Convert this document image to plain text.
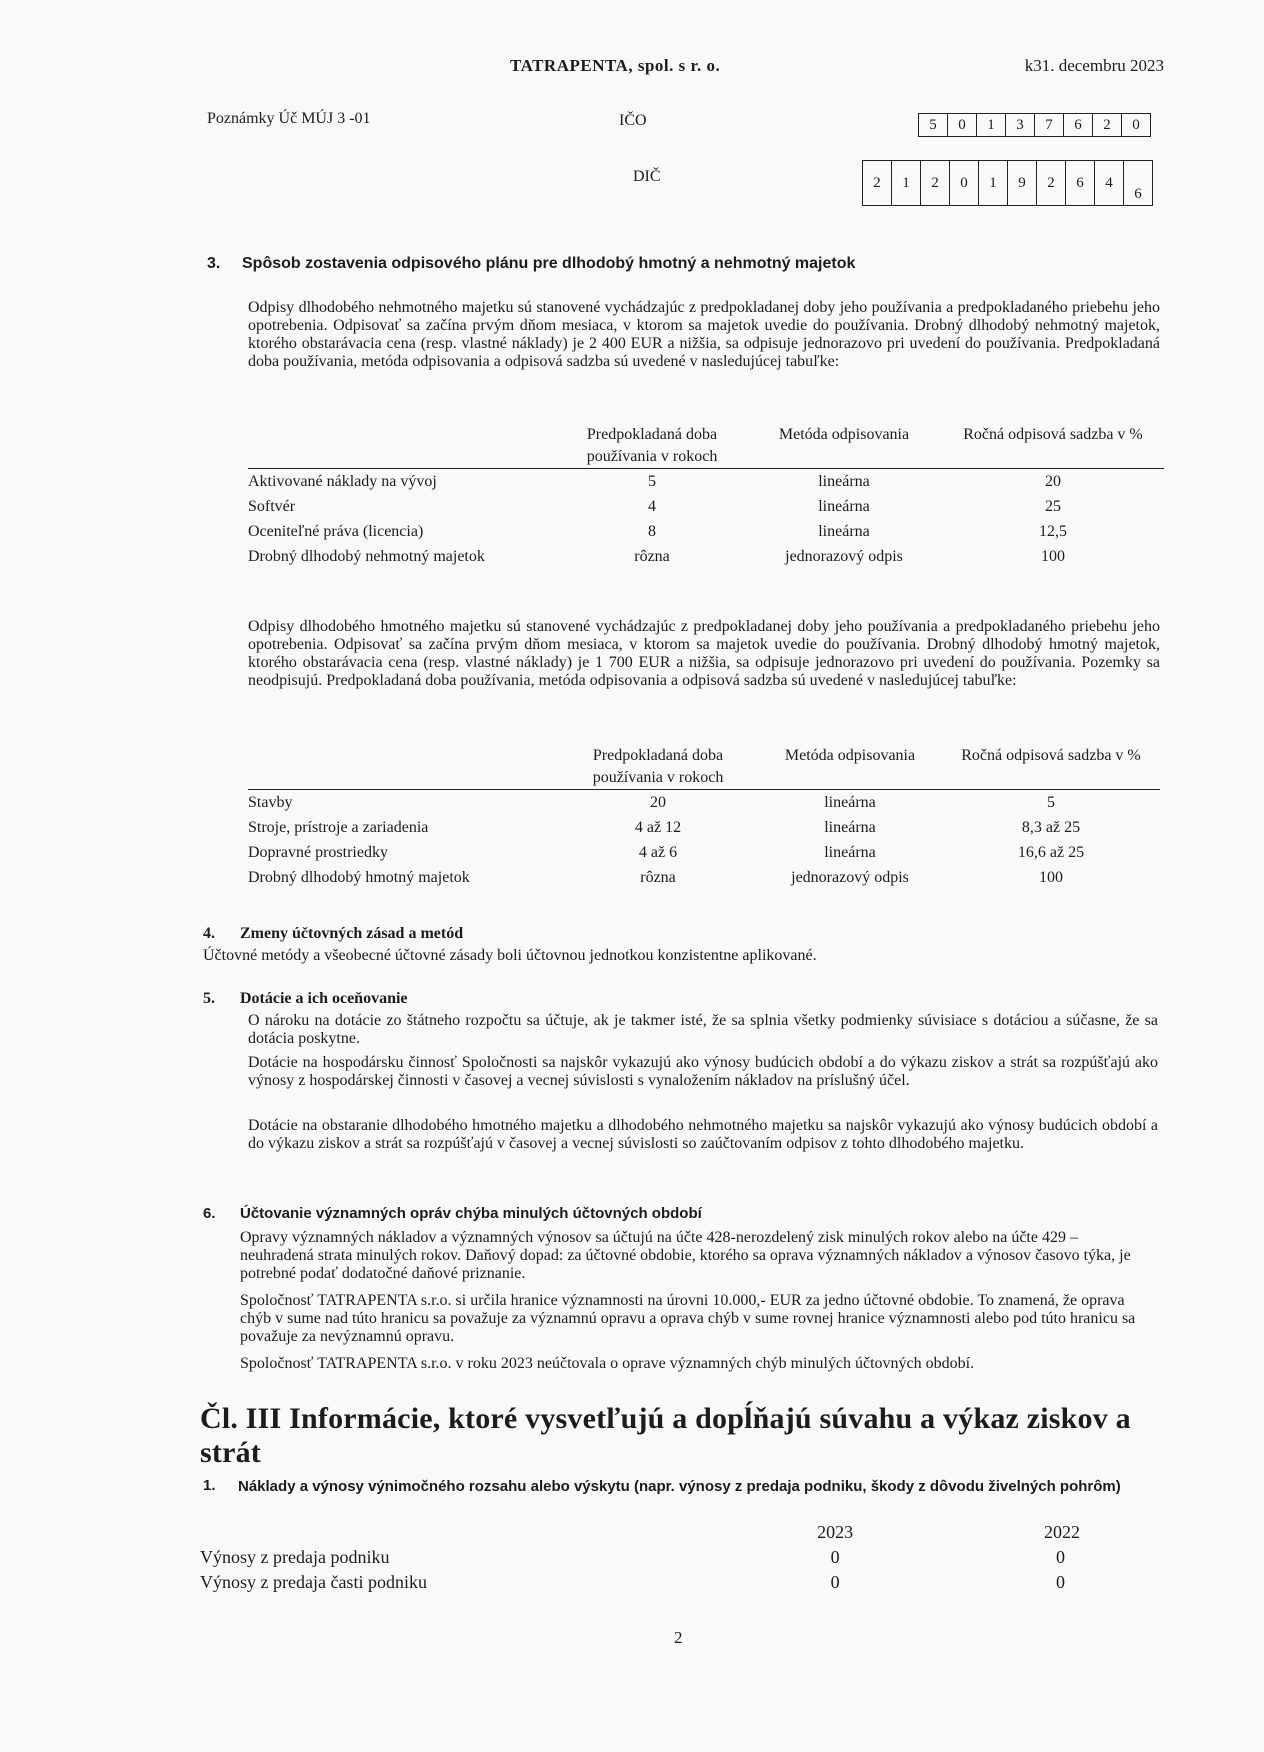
TATRAPENTA, spol. s r. o.	k31. decembru 2023
Poznámky Úč MÚJ 3 -01	IČO
DIČ
5	0	1	3	7	6	2	0
2	1	2	0	1	9	2	6	4
6
3. Spôsob zostavenia odpisového plánu pre dlhodobý hmotný a nehmotný majetok
Odpisy dlhodobého nehmotného majetku sú stanovené vychádzajúc z predpokladanej doby jeho používania a predpokladaného priebehu jeho opotrebenia. Odpisovať sa začína prvým dňom mesiaca, v ktorom sa majetok uvedie do používania. Drobný dlhodobý nehmotný majetok, ktorého obstarávacia cena (resp. vlastné náklady) je 2 400 EUR a nižšia, sa odpisuje jednorazovo pri uvedení do používania. Predpokladaná doba používania, metóda odpisovania a odpisová sadzba sú uvedené v nasledujúcej tabuľke:
	Predpokladaná doba používania v rokoch	Metóda odpisovania	Ročná odpisová sadzba v %
Aktivované náklady na vývoj	5	lineárna	20
Softvér	4	lineárna	25
Oceniteľné práva (licencia)	8	lineárna	12,5
Drobný dlhodobý nehmotný majetok	rôzna	jednorazový odpis	100
Odpisy dlhodobého hmotného majetku sú stanovené vychádzajúc z predpokladanej doby jeho používania a predpokladaného priebehu jeho opotrebenia. Odpisovať sa začína prvým dňom mesiaca, v ktorom sa majetok uvedie do používania. Drobný dlhodobý hmotný majetok, ktorého obstarávacia cena (resp. vlastné náklady) je 1 700 EUR a nižšia, sa odpisuje jednorazovo pri uvedení do používania. Pozemky sa neodpisujú. Predpokladaná doba používania, metóda odpisovania a odpisová sadzba sú uvedené v nasledujúcej tabuľke:
	Predpokladaná doba používania v rokoch	Metóda odpisovania	Ročná odpisová sadzba v %
Stavby	20	lineárna	5
Stroje, prístroje a zariadenia	4 až 12	lineárna	8,3 až 25
Dopravné prostriedky	4 až 6	lineárna	16,6 až 25
Drobný dlhodobý hmotný majetok	rôzna	jednorazový odpis	100
4. Zmeny účtovných zásad a metód
Účtovné metódy a všeobecné účtovné zásady boli účtovnou jednotkou konzistentne aplikované.
5. Dotácie a ich oceňovanie
O nároku na dotácie zo štátneho rozpočtu sa účtuje, ak je takmer isté, že sa splnia všetky podmienky súvisiace s dotáciou a súčasne, že sa dotácia poskytne.
Dotácie na hospodársku činnosť Spoločnosti sa najskôr vykazujú ako výnosy budúcich období a do výkazu ziskov a strát sa rozpúšťajú ako výnosy z hospodárskej činnosti v časovej a vecnej súvislosti s vynaložením nákladov na príslušný účel.
Dotácie na obstaranie dlhodobého hmotného majetku a dlhodobého nehmotného majetku sa najskôr vykazujú ako výnosy budúcich období a do výkazu ziskov a strát sa rozpúšťajú v časovej a vecnej súvislosti so zaúčtovaním odpisov z tohto dlhodobého majetku.
6. Účtovanie významných opráv chýba minulých účtovných období
Opravy významných nákladov a významných výnosov sa účtujú na účte 428-nerozdelený zisk minulých rokov alebo na účte 429 – neuhradená strata minulých rokov. Daňový dopad: za účtovné obdobie, ktorého sa oprava významných nákladov a výnosov časovo týka, je potrebné podať dodatočné daňové priznanie.
Spoločnosť TATRAPENTA s.r.o. si určila hranice významnosti na úrovni 10.000,- EUR za jedno účtovné obdobie. To znamená, že oprava chýb v sume nad túto hranicu sa považuje za významnú opravu a oprava chýb v sume rovnej hranice významnosti alebo pod túto hranicu sa považuje za nevýznamnú opravu.
Spoločnosť TATRAPENTA s.r.o. v roku 2023 neúčtovala o oprave významných chýb minulých účtovných období.
Čl. III Informácie, ktoré vysvetľujú a dopĺňajú súvahu a výkaz ziskov a strát
1. Náklady a výnosy výnimočného rozsahu alebo výskytu (napr. výnosy z predaja podniku, škody z dôvodu živelných pohrôm)
	2023	2022
Výnosy z predaja podniku	0	0
Výnosy z predaja časti podniku	0	0
2
